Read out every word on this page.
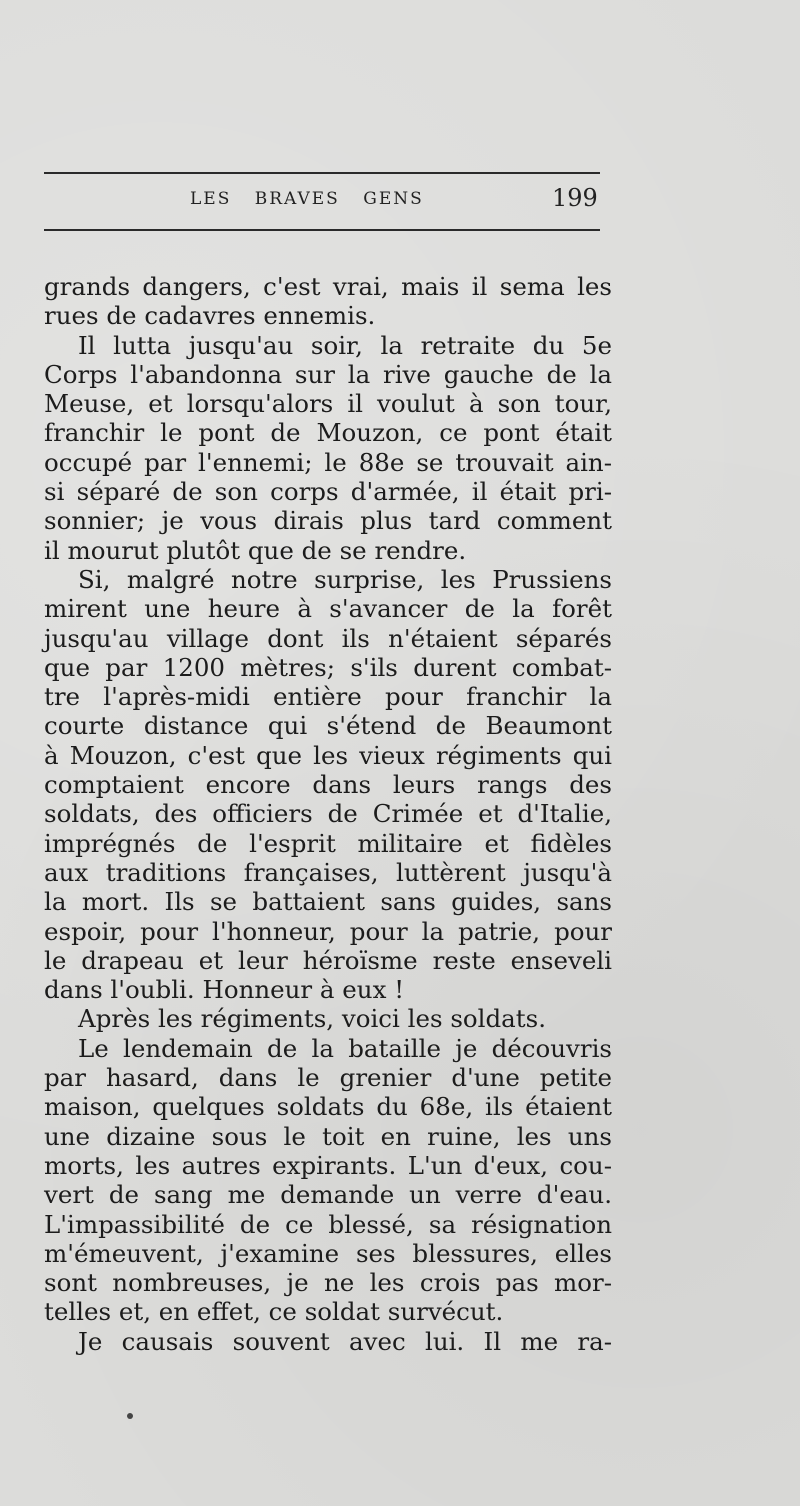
LES BRAVES GENS	199
grands dangers, c'est vrai, mais il sema les
rues de cadavres ennemis.
Il lutta jusqu'au soir, la retraite du 5e
Corps l'abandonna sur la rive gauche de la
Meuse, et lorsqu'alors il voulut à son tour,
franchir le pont de Mouzon, ce pont était
occupé par l'ennemi; le 88e se trouvait ain-
si séparé de son corps d'armée, il était pri-
sonnier; je vous dirais plus tard comment
il mourut plutôt que de se rendre.
Si, malgré notre surprise, les Prussiens
mirent une heure à s'avancer de la forêt
jusqu'au village dont ils n'étaient séparés
que par 1200 mètres; s'ils durent combat-
tre l'après-midi entière pour franchir la
courte distance qui s'étend de Beaumont
à Mouzon, c'est que les vieux régiments qui
comptaient encore dans leurs rangs des
soldats, des officiers de Crimée et d'Italie,
imprégnés de l'esprit militaire et fidèles
aux traditions françaises, luttèrent jusqu'à
la mort. Ils se battaient sans guides, sans
espoir, pour l'honneur, pour la patrie, pour
le drapeau et leur héroïsme reste enseveli
dans l'oubli. Honneur à eux !
Après les régiments, voici les soldats.
Le lendemain de la bataille je découvris
par hasard, dans le grenier d'une petite
maison, quelques soldats du 68e, ils étaient
une dizaine sous le toit en ruine, les uns
morts, les autres expirants. L'un d'eux, cou-
vert de sang me demande un verre d'eau.
L'impassibilité de ce blessé, sa résignation
m'émeuvent, j'examine ses blessures, elles
sont nombreuses, je ne les crois pas mor-
telles et, en effet, ce soldat survécut.
Je causais souvent avec lui. Il me ra-
